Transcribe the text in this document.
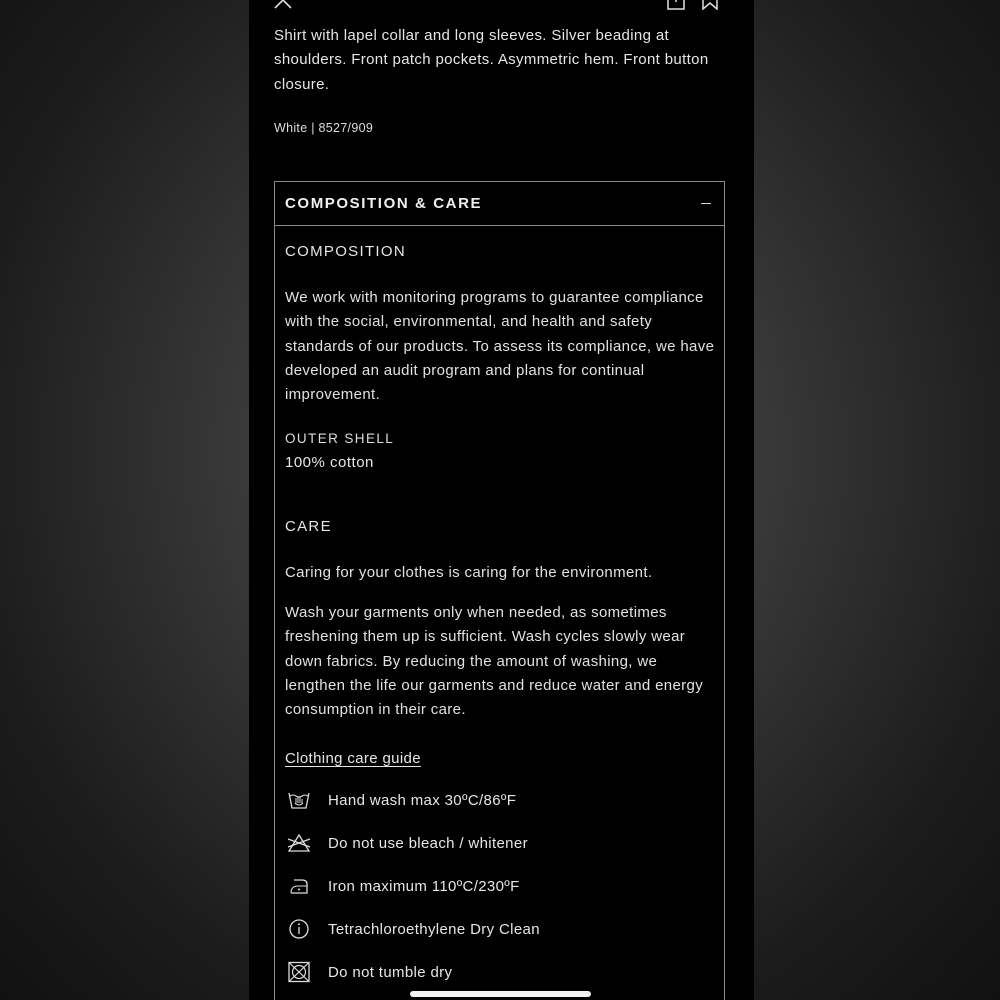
Shirt with lapel collar and long sleeves. Silver beading at shoulders. Front patch pockets. Asymmetric hem. Front button closure.

White | 8527/909
COMPOSITION & CARE
COMPOSITION

We work with monitoring programs to guarantee compliance with the social, environmental, and health and safety standards of our products. To assess its compliance, we have developed an audit program and plans for continual improvement.

OUTER SHELL
100% cotton
CARE

Caring for your clothes is caring for the environment.

Wash your garments only when needed, as sometimes freshening them up is sufficient. Wash cycles slowly wear down fabrics. By reducing the amount of washing, we lengthen the life our garments and reduce water and energy consumption in their care.

Clothing care guide
Hand wash max 30ºC/86ºF
Do not use bleach / whitener
Iron maximum 110ºC/230ºF
Tetrachloroethylene Dry Clean
Do not tumble dry
